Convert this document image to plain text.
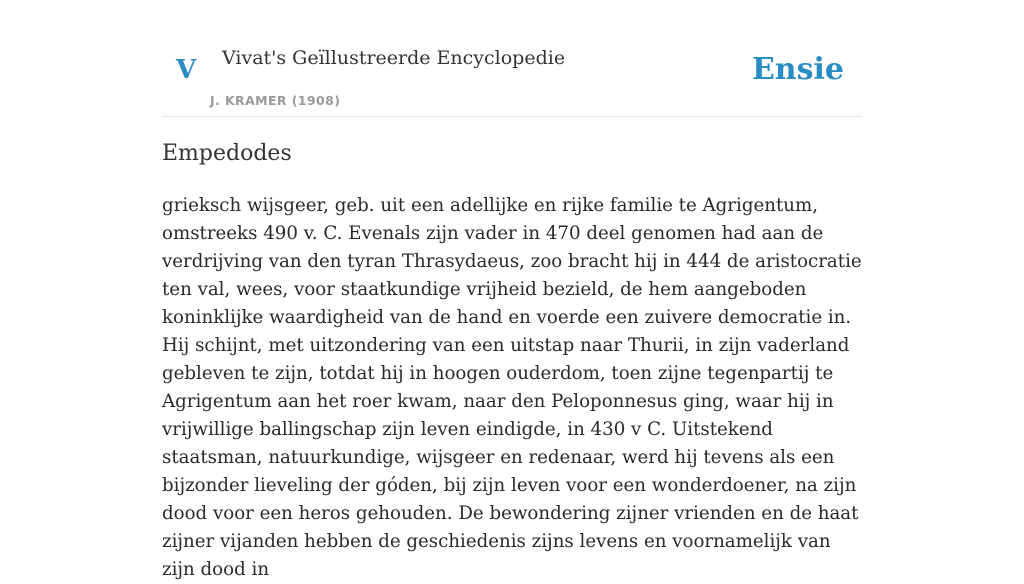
V Vivat's Geïllustreerde Encyclopedie
J. KRAMER (1908)
Ensie
Empedodes

grieksch wijsgeer, geb. uit een adellijke en rijke familie te Agrigentum, omstreeks 490 v. C. Evenals zijn vader in 470 deel genomen had aan de verdrijving van den tyran Thrasydaeus, zoo bracht hij in 444 de aristocratie ten val, wees, voor staatkundige vrijheid bezield, de hem aangeboden koninklijke waardigheid van de hand en voerde een zuivere democratie in. Hij schijnt, met uitzondering van een uitstap naar Thurii, in zijn vaderland gebleven te zijn, totdat hij in hoogen ouderdom, toen zijne tegenpartij te Agrigentum aan het roer kwam, naar den Peloponnesus ging, waar hij in vrijwillige ballingschap zijn leven eindigde, in 430 v C. Uitstekend staatsman, natuurkundige, wijsgeer en redenaar, werd hij tevens als een bijzonder lieveling der góden, bij zijn leven voor een wonderdoener, na zijn dood voor een heros gehouden. De bewondering zijner vrienden en de haat zijner vijanden hebben de geschiedenis zijns levens en voornamelijk van zijn dood in
